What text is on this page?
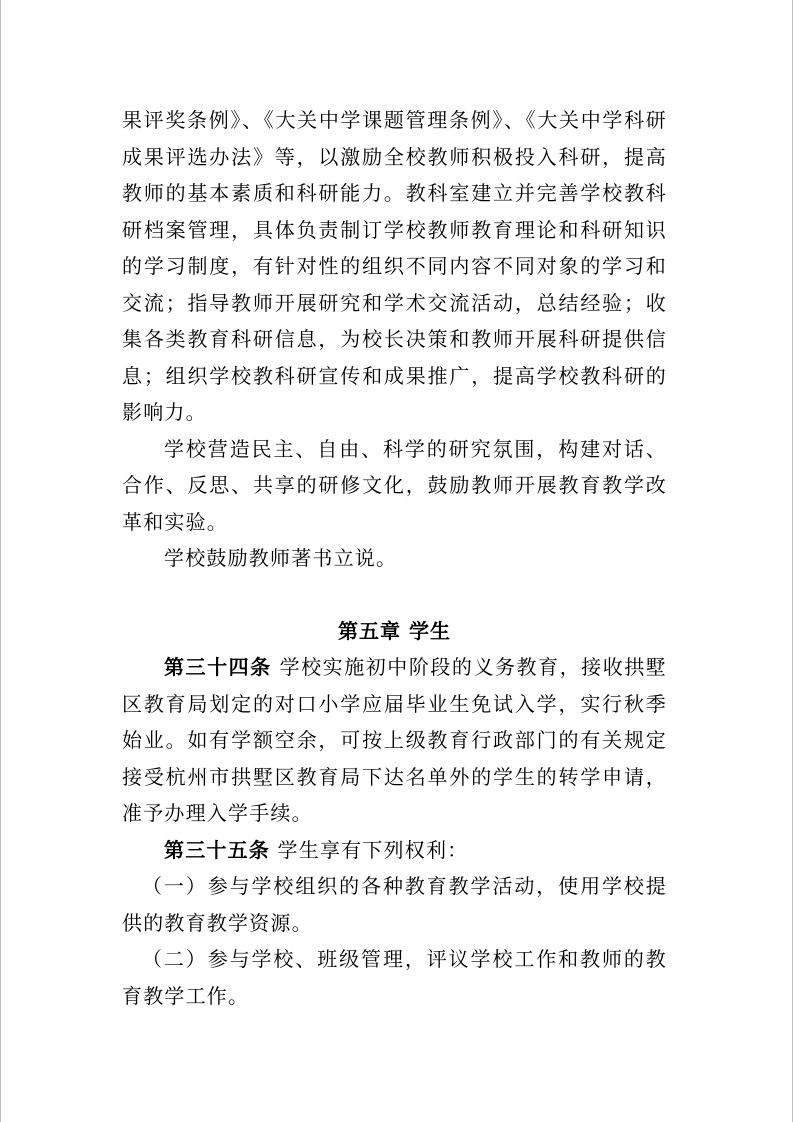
果评奖条例》、《大关中学课题管理条例》、《大关中学科研成果评选办法》等，以激励全校教师积极投入科研，提高教师的基本素质和科研能力。教科室建立并完善学校教科研档案管理，具体负责制订学校教师教育理论和科研知识的学习制度，有针对性的组织不同内容不同对象的学习和交流；指导教师开展研究和学术交流活动，总结经验；收集各类教育科研信息，为校长决策和教师开展科研提供信息；组织学校教科研宣传和成果推广，提高学校教科研的影响力。

学校营造民主、自由、科学的研究氛围，构建对话、合作、反思、共享的研修文化，鼓励教师开展教育教学改革和实验。

学校鼓励教师著书立说。

第五章 学生

第三十四条 学校实施初中阶段的义务教育，接收拱墅区教育局划定的对口小学应届毕业生免试入学，实行秋季始业。如有学额空余，可按上级教育行政部门的有关规定接受杭州市拱墅区教育局下达名单外的学生的转学申请，准予办理入学手续。

第三十五条 学生享有下列权利：

（一）参与学校组织的各种教育教学活动，使用学校提供的教育教学资源。

（二）参与学校、班级管理，评议学校工作和教师的教育教学工作。
